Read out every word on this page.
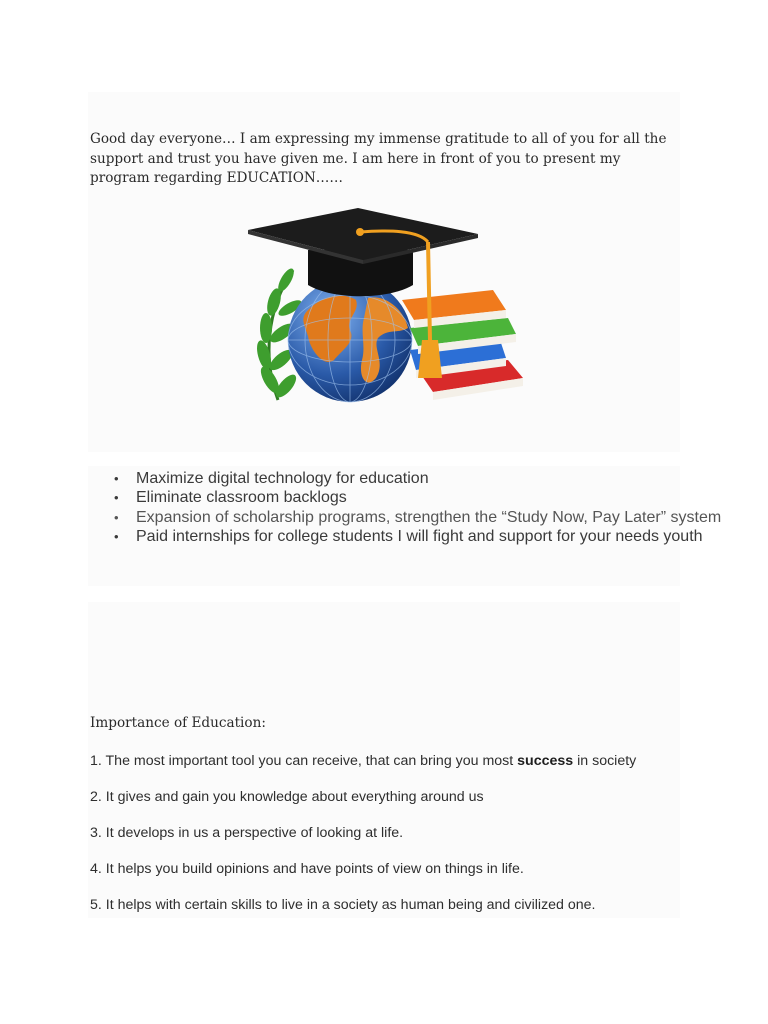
Good day everyone… I am expressing my immense gratitude to all of you for all the support and trust you have given me. I am here in front of you to present my program regarding EDUCATION……

• Maximize digital technology for education
• Eliminate classroom backlogs
• Expansion of scholarship programs, strengthen the “Study Now, Pay Later” system
• Paid internships for college students I will fight and support for your needs youth
Importance of Education:

1. The most important tool you can receive, that can bring you most success in society

2. It gives and gain you knowledge about everything around us

3. It develops in us a perspective of looking at life.

4. It helps you build opinions and have points of view on things in life.

5. It helps with certain skills to live in a society as human being and civilized one.
